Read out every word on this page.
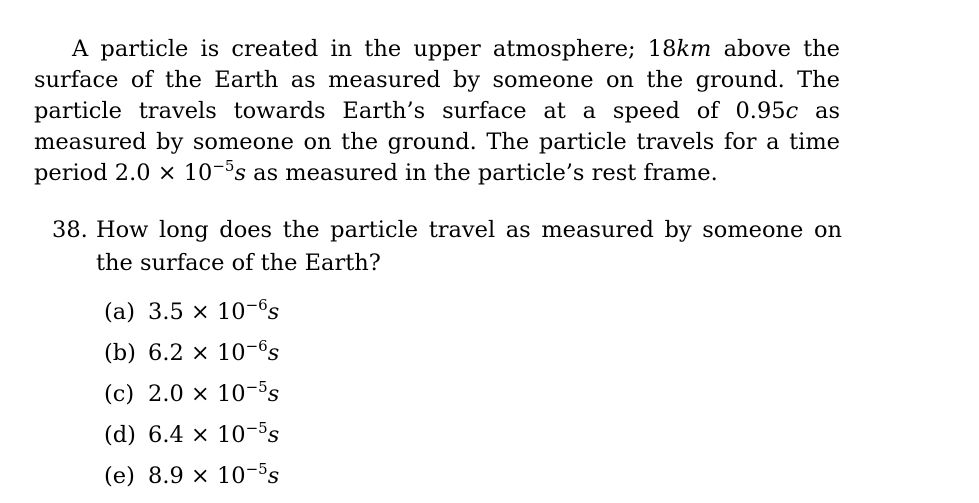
A particle is created in the upper atmosphere; 18km above the surface of the Earth as measured by someone on the ground. The particle travels towards Earth’s surface at a speed of 0.95c as measured by someone on the ground. The particle travels for a time period $2.0 \times 10^{-5}s$ as measured in the particle’s rest frame.

38. How long does the particle travel as measured by someone on the surface of the Earth?
(a) $3.5 \times 10^{-6}s$
(b) $6.2 \times 10^{-6}s$
(c) $2.0 \times 10^{-5}s$
(d) $6.4 \times 10^{-5}s$
(e) $8.9 \times 10^{-5}s$
